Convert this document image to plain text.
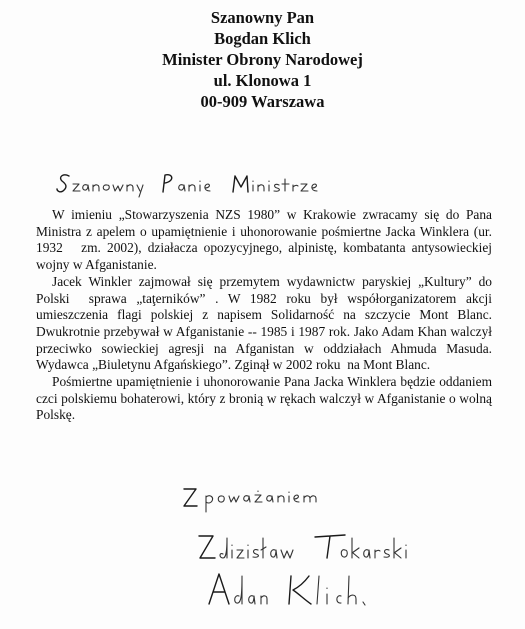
Szanowny Pan
Bogdan Klich
Minister Obrony Narodowej
ul. Klonowa 1
00-909 Warszawa

W imieniu „Stowarzyszenia NZS 1980” w Krakowie zwracamy się do Pana Ministra z apelem o upamiętnienie i uhonorowanie pośmiertne Jacka Winklera (ur. 1932   zm. 2002), działacza opozycyjnego, alpinistę, kombatanta antysowieckiej wojny w Afganistanie.

Jacek Winkler zajmował się przemytem wydawnictw paryskiej „Kultury” do Polski  sprawa „taţerników” . W 1982 roku był współorganizatorem akcji umieszczenia flagi polskiej z napisem Solidarność na szczycie Mont Blanc. Dwukrotnie przebywał w Afganistanie -- 1985 i 1987 rok. Jako Adam Khan walczył przeciwko sowieckiej agresji na Afganistan w oddziałach Ahmuda Masuda. Wydawca „Biuletynu Afgańskiego”. Zginął w 2002 roku  na Mont Blanc.

Pośmiertne upamiętnienie i uhonorowanie Pana Jacka Winklera będzie oddaniem czci polskiemu bohaterowi, który z bronią w rękach walczył w Afganistanie o wolną Polskę.
